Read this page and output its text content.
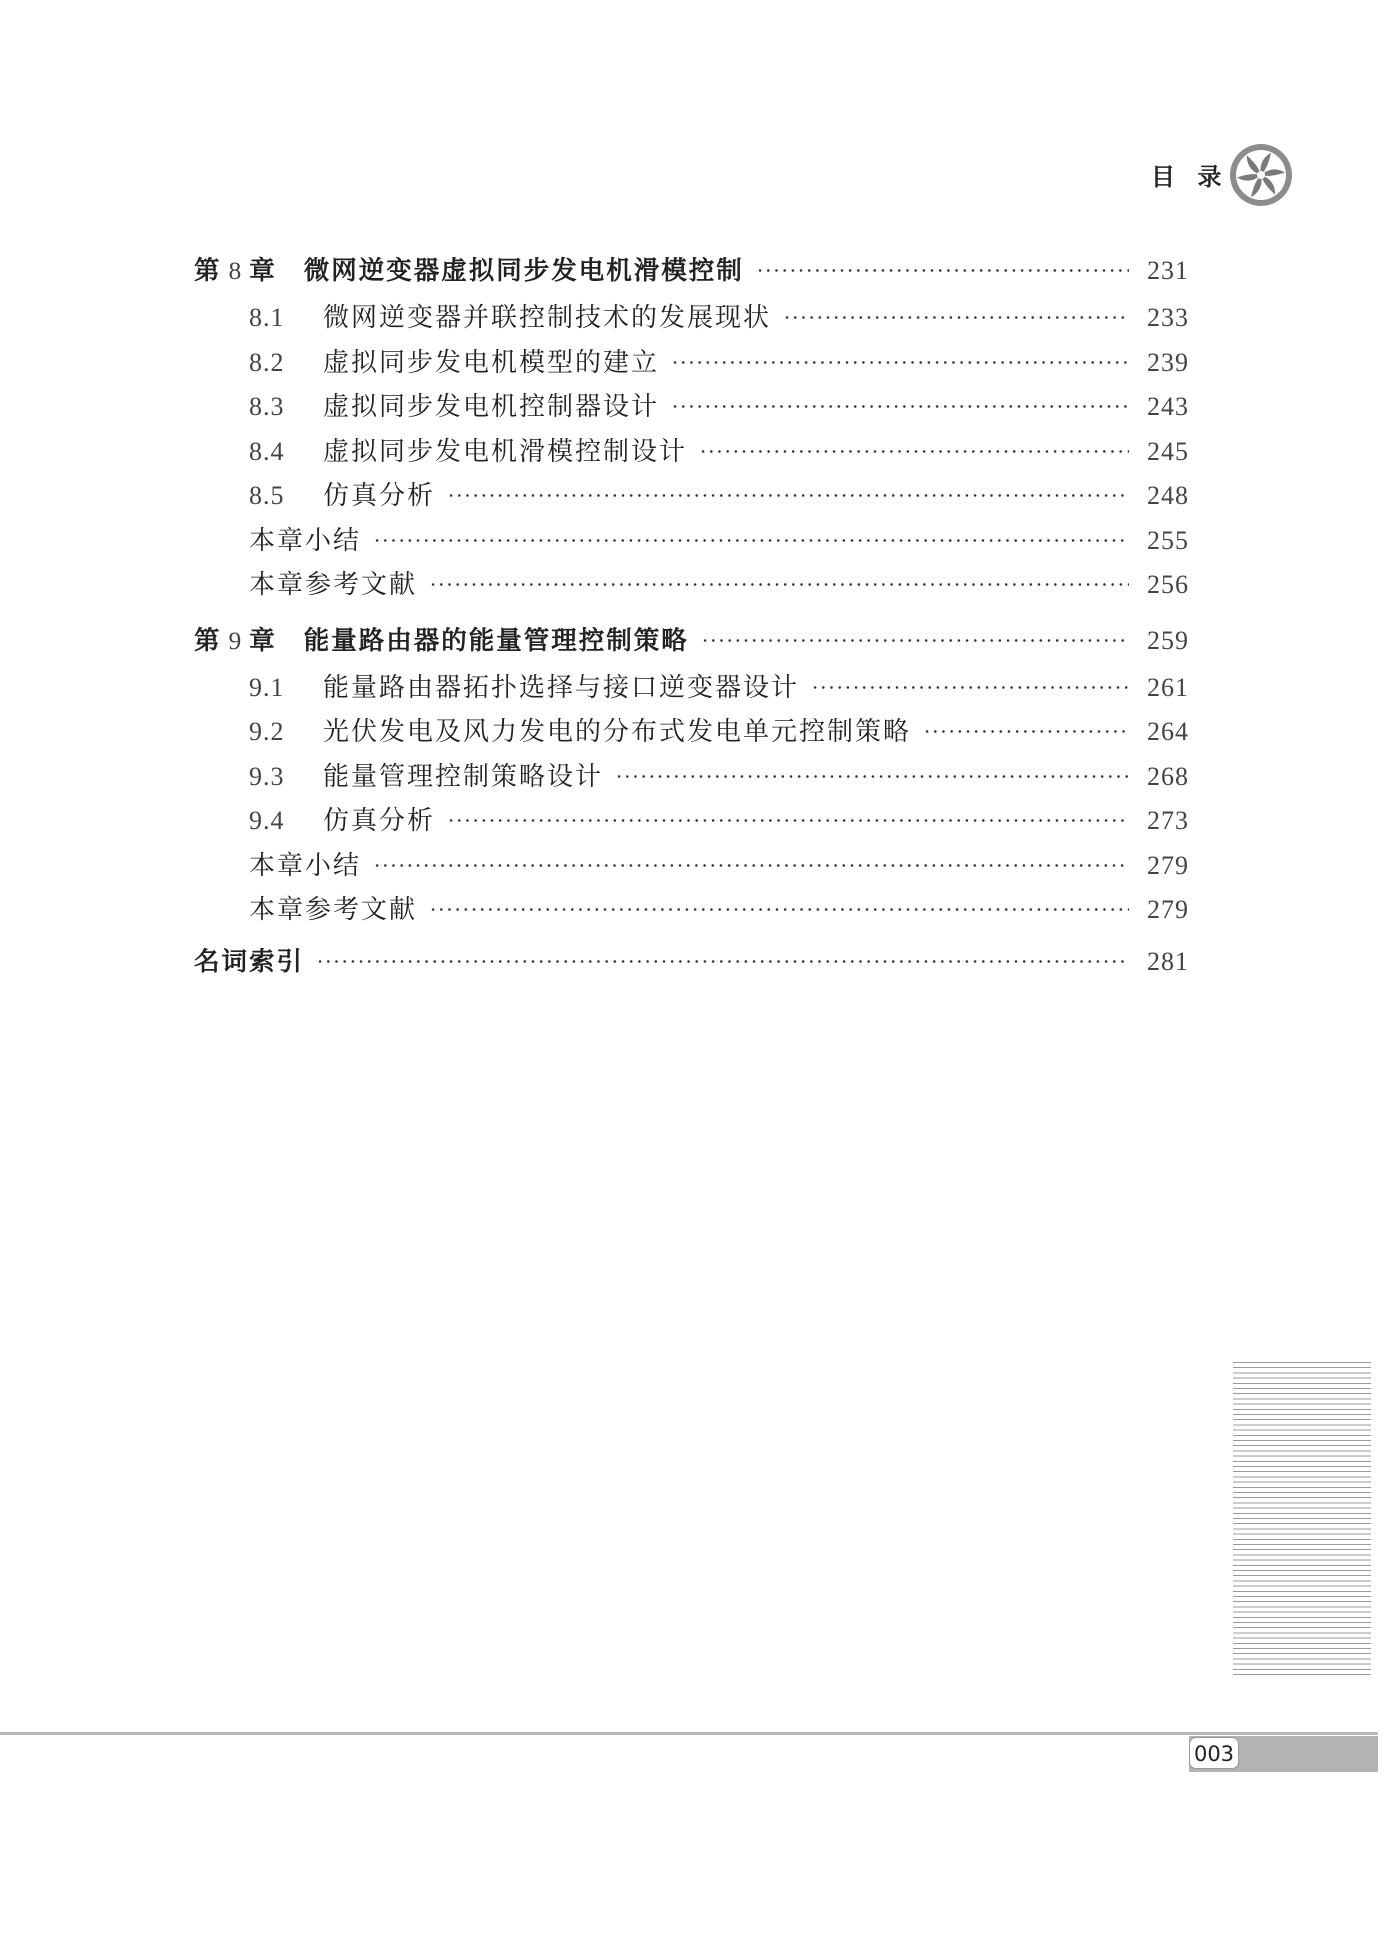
目 录
第 8 章 微网逆变器虚拟同步发电机滑模控制	231
8.1	微网逆变器并联控制技术的发展现状	233
8.2	虚拟同步发电机模型的建立	239
8.3	虚拟同步发电机控制器设计	243
8.4	虚拟同步发电机滑模控制设计	245
8.5	仿真分析	248
本章小结	255
本章参考文献	256
第 9 章 能量路由器的能量管理控制策略	259
9.1	能量路由器拓扑选择与接口逆变器设计	261
9.2	光伏发电及风力发电的分布式发电单元控制策略	264
9.3	能量管理控制策略设计	268
9.4	仿真分析	273
本章小结	279
本章参考文献	279
名词索引	281
003
